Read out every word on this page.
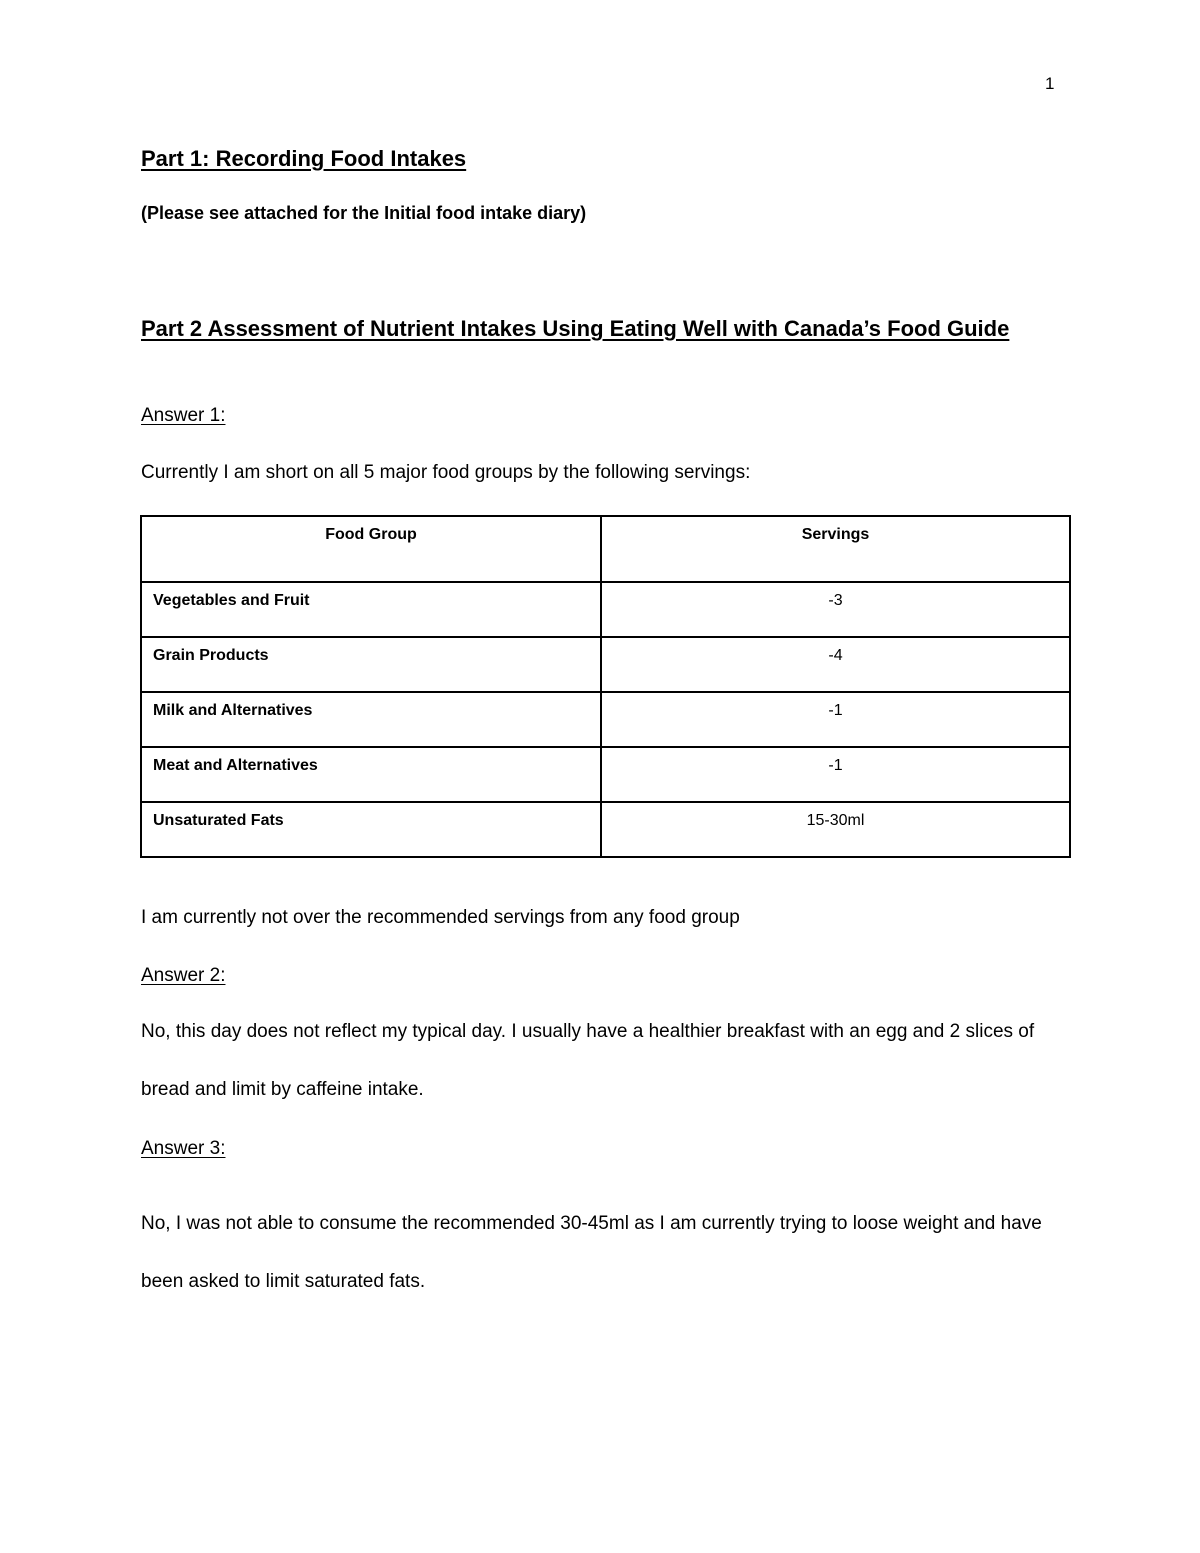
1
Part 1: Recording Food Intakes

(Please see attached for the Initial food intake diary)

Part 2 Assessment of Nutrient Intakes Using Eating Well with Canada’s Food Guide

Answer 1:

Currently I am short on all 5 major food groups by the following servings:

Food Group	Servings
Vegetables and Fruit	-3
Grain Products	-4
Milk and Alternatives	-1
Meat and Alternatives	-1
Unsaturated Fats	15-30ml

I am currently not over the recommended servings from any food group

Answer 2:

No, this day does not reflect my typical day. I usually have a healthier breakfast with an egg and 2 slices of bread and limit by caffeine intake.

Answer 3:

No, I was not able to consume the recommended 30-45ml as I am currently trying to loose weight and have been asked to limit saturated fats.
